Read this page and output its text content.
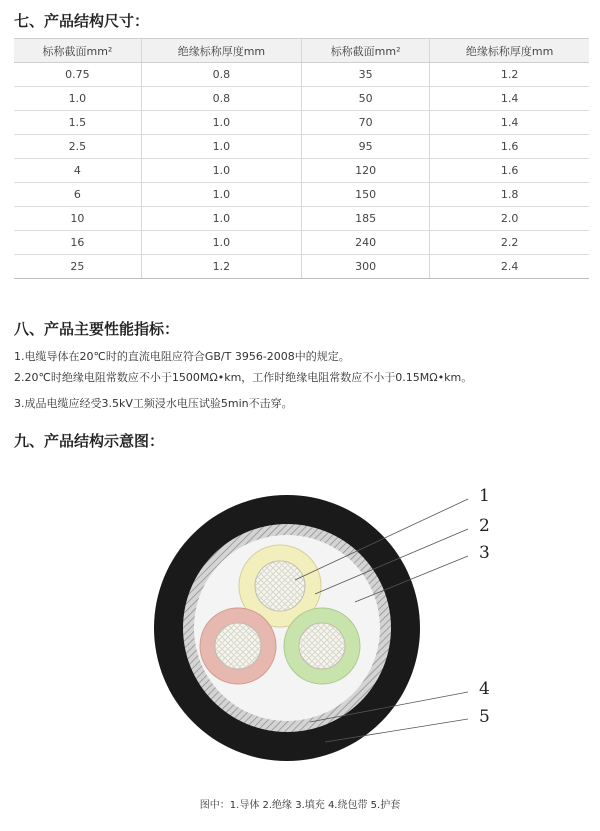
七、产品结构尺寸：
标称截面mm²	绝缘标称厚度mm	标称截面mm²	绝缘标称厚度mm
0.75	0.8	35	1.2
1.0	0.8	50	1.4
1.5	1.0	70	1.4
2.5	1.0	95	1.6
4	1.0	120	1.6
6	1.0	150	1.8
10	1.0	185	2.0
16	1.0	240	2.2
25	1.2	300	2.4
八、产品主要性能指标：

1.电缆导体在20℃时的直流电阻应符合GB/T 3956-2008中的规定。

2.20℃时绝缘电阻常数应不小于1500MΩ•km，工作时绝缘电阻常数应不小于0.15MΩ•km。

3.成品电缆应经受3.5kV工频浸水电压试验5min不击穿。

九、产品结构示意图：
1
2
3
4
5
图中：1.导体 2.绝缘 3.填充 4.绕包带 5.护套
